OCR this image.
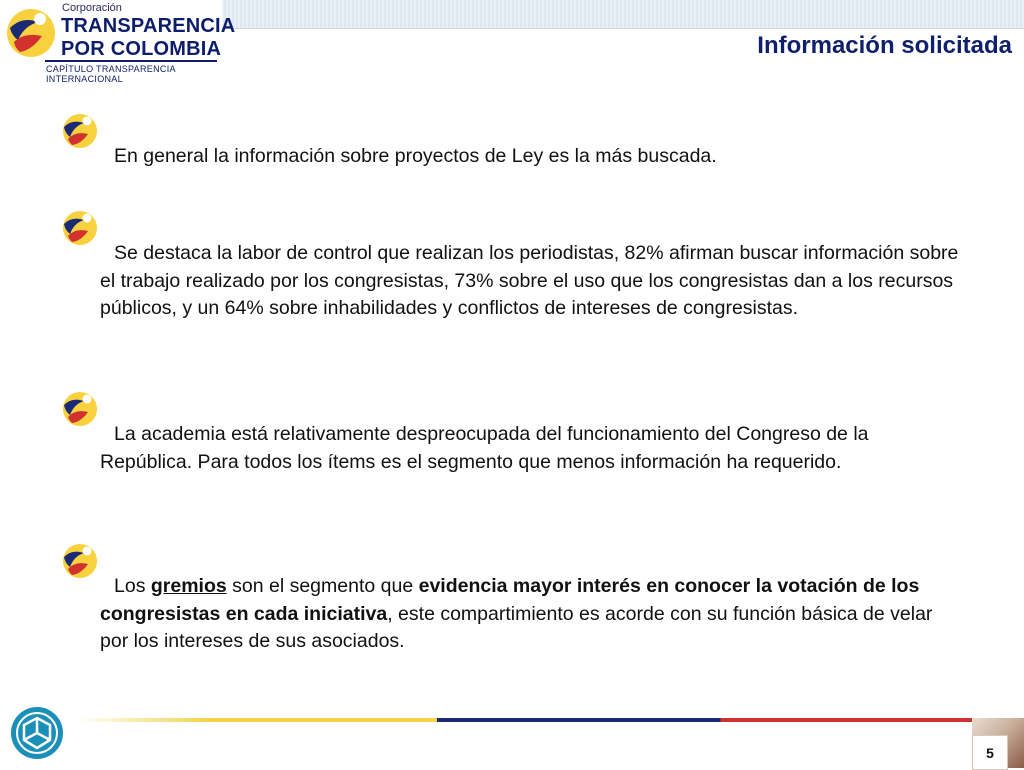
Corporación
TRANSPARENCIA
POR COLOMBIA
CAPÍTULO TRANSPARENCIA INTERNACIONAL
Información solicitada

En general la información sobre proyectos de Ley es la más buscada.

Se destaca la labor de control que realizan los periodistas, 82% afirman buscar información sobre el trabajo realizado por los congresistas, 73% sobre el uso que los congresistas dan a los recursos públicos, y un 64% sobre inhabilidades y conflictos de intereses de congresistas.

La academia está relativamente despreocupada del funcionamiento del Congreso de la República. Para todos los ítems es el segmento que menos información ha requerido.

Los gremios son el segmento que evidencia mayor interés en conocer la votación de los congresistas en cada iniciativa, este compartimiento es acorde con su función básica de velar por los intereses de sus asociados.

5
